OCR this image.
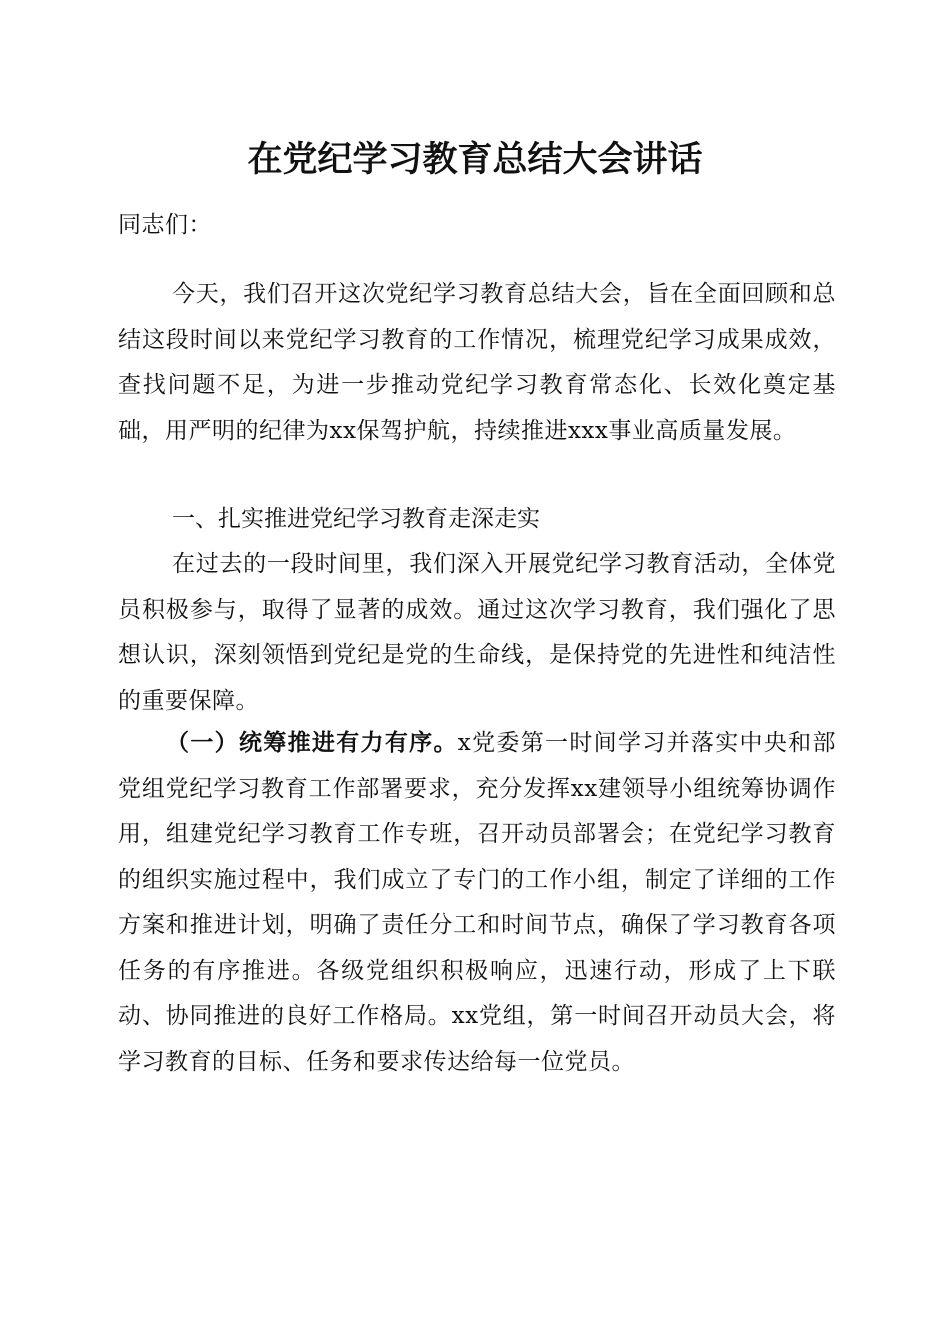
在党纪学习教育总结大会讲话

同志们：

今天，我们召开这次党纪学习教育总结大会，旨在全面回顾和总结这段时间以来党纪学习教育的工作情况，梳理党纪学习成果成效，查找问题不足，为进一步推动党纪学习教育常态化、长效化奠定基础，用严明的纪律为xx保驾护航，持续推进xxx事业高质量发展。

一、扎实推进党纪学习教育走深走实

在过去的一段时间里，我们深入开展党纪学习教育活动，全体党员积极参与，取得了显著的成效。通过这次学习教育，我们强化了思想认识，深刻领悟到党纪是党的生命线，是保持党的先进性和纯洁性的重要保障。

（一）统筹推进有力有序。x党委第一时间学习并落实中央和部党组党纪学习教育工作部署要求，充分发挥xx建领导小组统筹协调作用，组建党纪学习教育工作专班，召开动员部署会；在党纪学习教育的组织实施过程中，我们成立了专门的工作小组，制定了详细的工作方案和推进计划，明确了责任分工和时间节点，确保了学习教育各项任务的有序推进。各级党组织积极响应，迅速行动，形成了上下联动、协同推进的良好工作格局。xx党组，第一时间召开动员大会，将学习教育的目标、任务和要求传达给每一位党员。
